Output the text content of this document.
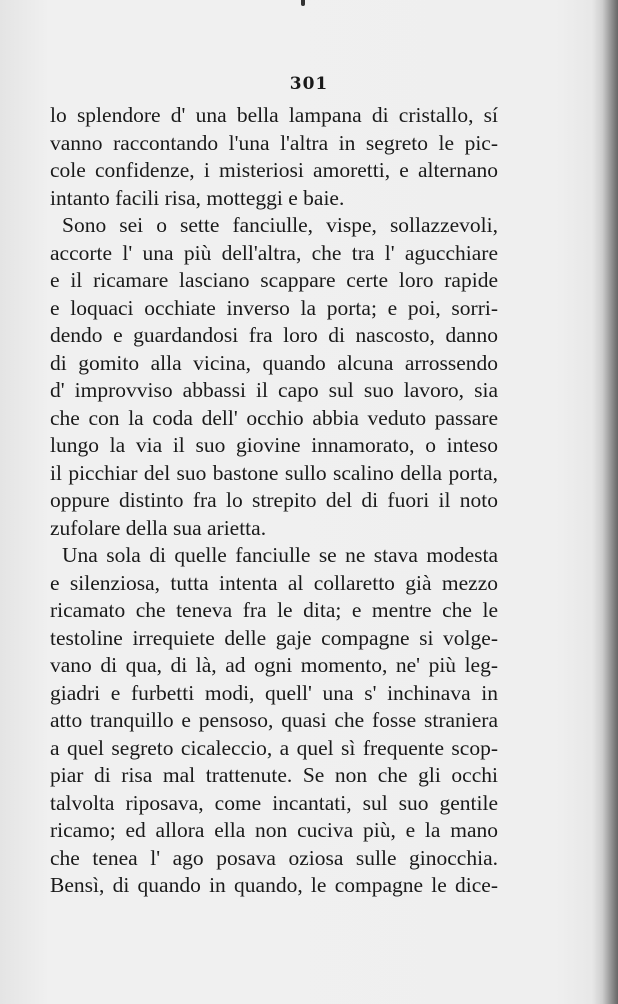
301
lo splendore d' una bella lampana di cristallo, sí
vanno raccontando l'una l'altra in segreto le pic-
cole confidenze, i misteriosi amoretti, e alternano
intanto facili risa, motteggi e baie.
Sono sei o sette fanciulle, vispe, sollazzevoli,
accorte l' una più dell'altra, che tra l' agucchiare
e il ricamare lasciano scappare certe loro rapide
e loquaci occhiate inverso la porta; e poi, sorri-
dendo e guardandosi fra loro di nascosto, danno
di gomito alla vicina, quando alcuna arrossendo
d' improvviso abbassi il capo sul suo lavoro, sia
che con la coda dell' occhio abbia veduto passare
lungo la via il suo giovine innamorato, o inteso
il picchiar del suo bastone sullo scalino della porta,
oppure distinto fra lo strepito del di fuori il noto
zufolare della sua arietta.
Una sola di quelle fanciulle se ne stava modesta
e silenziosa, tutta intenta al collaretto già mezzo
ricamato che teneva fra le dita; e mentre che le
testoline irrequiete delle gaje compagne si volge-
vano di qua, di là, ad ogni momento, ne' più leg-
giadri e furbetti modi, quell' una s' inchinava in
atto tranquillo e pensoso, quasi che fosse straniera
a quel segreto cicaleccio, a quel sì frequente scop-
piar di risa mal trattenute. Se non che gli occhi
talvolta riposava, come incantati, sul suo gentile
ricamo; ed allora ella non cuciva più, e la mano
che tenea l' ago posava oziosa sulle ginocchia.
Bensì, di quando in quando, le compagne le dice-
